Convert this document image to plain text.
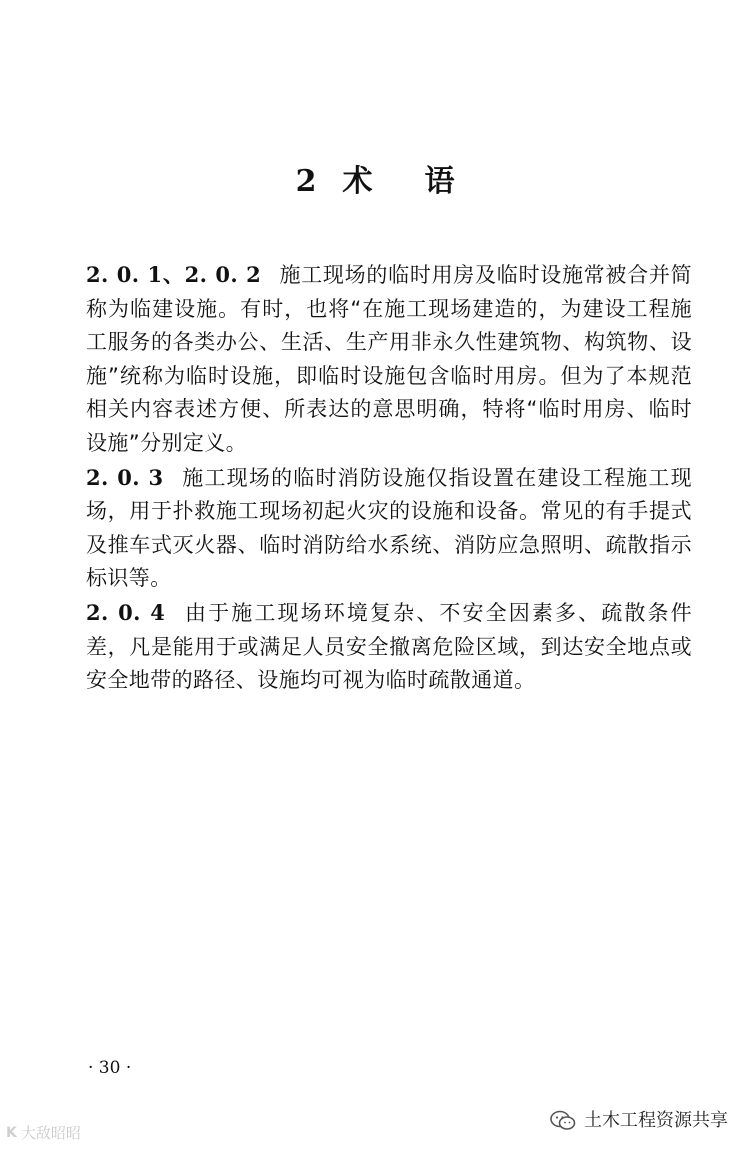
2 术 语

2. 0. 1、2. 0. 2 施工现场的临时用房及临时设施常被合并简称为临建设施。有时，也将“在施工现场建造的，为建设工程施工服务的各类办公、生活、生产用非永久性建筑物、构筑物、设施”统称为临时设施，即临时设施包含临时用房。但为了本规范相关内容表述方便、所表达的意思明确，特将“临时用房、临时设施”分别定义。

2. 0. 3 施工现场的临时消防设施仅指设置在建设工程施工现场，用于扑救施工现场初起火灾的设施和设备。常见的有手提式及推车式灭火器、临时消防给水系统、消防应急照明、疏散指示标识等。

2. 0. 4 由于施工现场环境复杂、不安全因素多、疏散条件差，凡是能用于或满足人员安全撤离危险区域，到达安全地点或安全地带的路径、设施均可视为临时疏散通道。

· 30 ·
K 大敌昭昭
土木工程资源共享
